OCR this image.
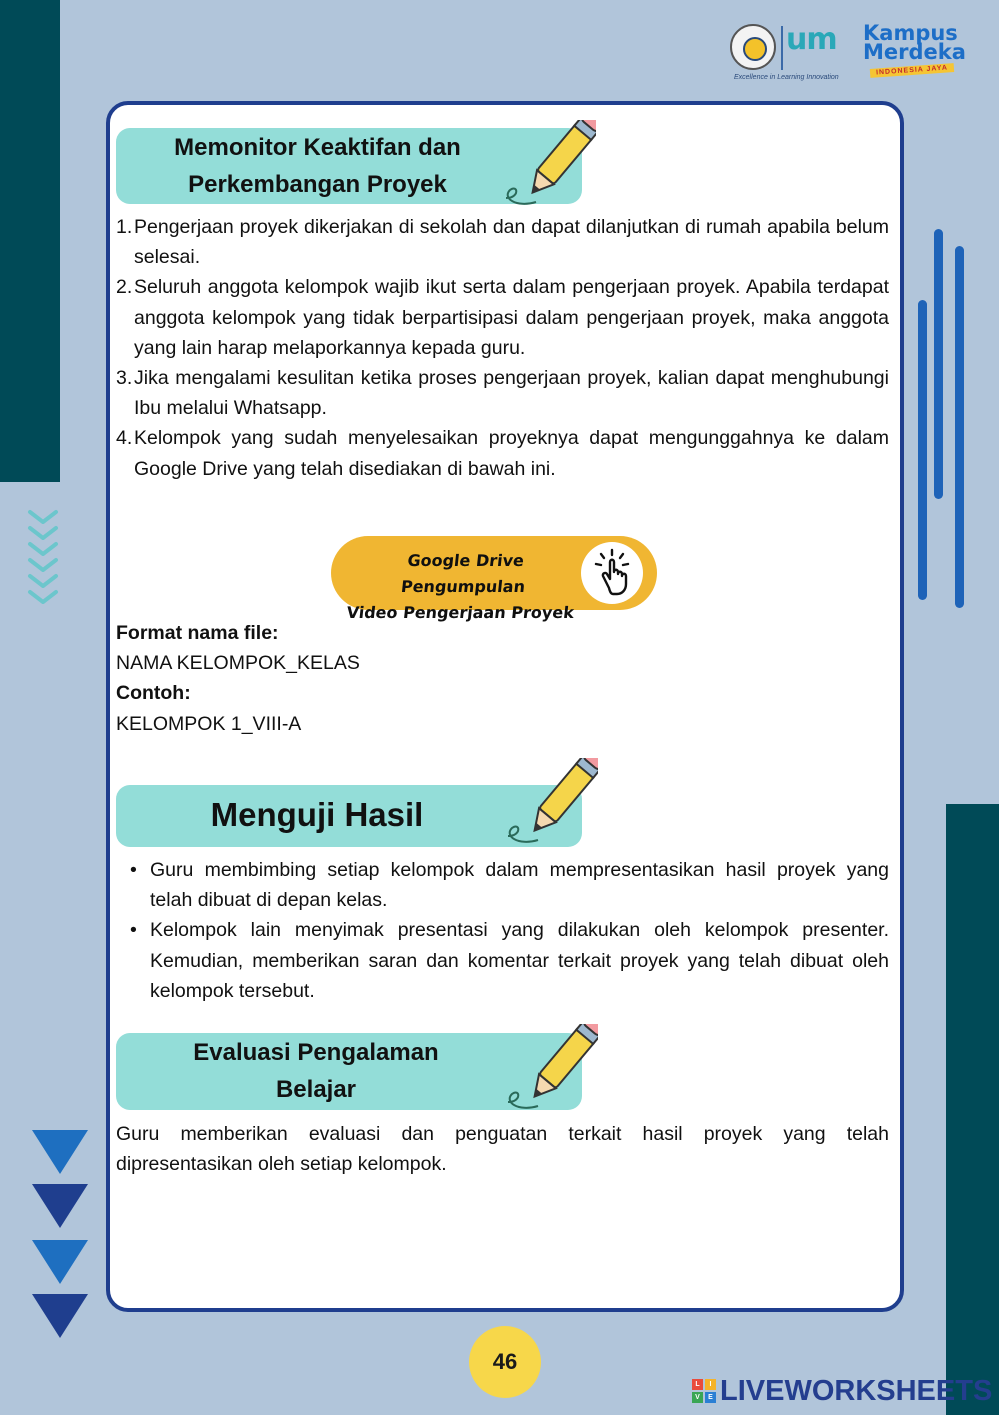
um Kampus
Merdeka
INDONESIA JAYA
Excellence in Learning Innovation
Memonitor Keaktifan dan
Perkembangan Proyek
1. Pengerjaan proyek dikerjakan di sekolah dan dapat dilanjutkan di rumah apabila belum selesai.
2. Seluruh anggota kelompok wajib ikut serta dalam pengerjaan proyek. Apabila terdapat anggota kelompok yang tidak berpartisipasi dalam pengerjaan proyek, maka anggota yang lain harap melaporkannya kepada guru.
3. Jika mengalami kesulitan ketika proses pengerjaan proyek, kalian dapat menghubungi Ibu melalui Whatsapp.
4. Kelompok yang sudah menyelesaikan proyeknya dapat mengunggahnya ke dalam Google Drive yang telah disediakan di bawah ini.
Google Drive Pengumpulan
Video Pengerjaan Proyek
Format nama file:
NAMA KELOMPOK_KELAS
Contoh:
KELOMPOK 1_VIII-A
Menguji Hasil
• Guru membimbing setiap kelompok dalam mempresentasikan hasil proyek yang telah dibuat di depan kelas.
• Kelompok lain menyimak presentasi yang dilakukan oleh kelompok presenter. Kemudian, memberikan saran dan komentar terkait proyek yang telah dibuat oleh kelompok tersebut.
Evaluasi Pengalaman
Belajar
Guru memberikan evaluasi dan penguatan terkait hasil proyek yang telah dipresentasikan oleh setiap kelompok.
46
L	I
V	E LIVEWORKSHEETS
